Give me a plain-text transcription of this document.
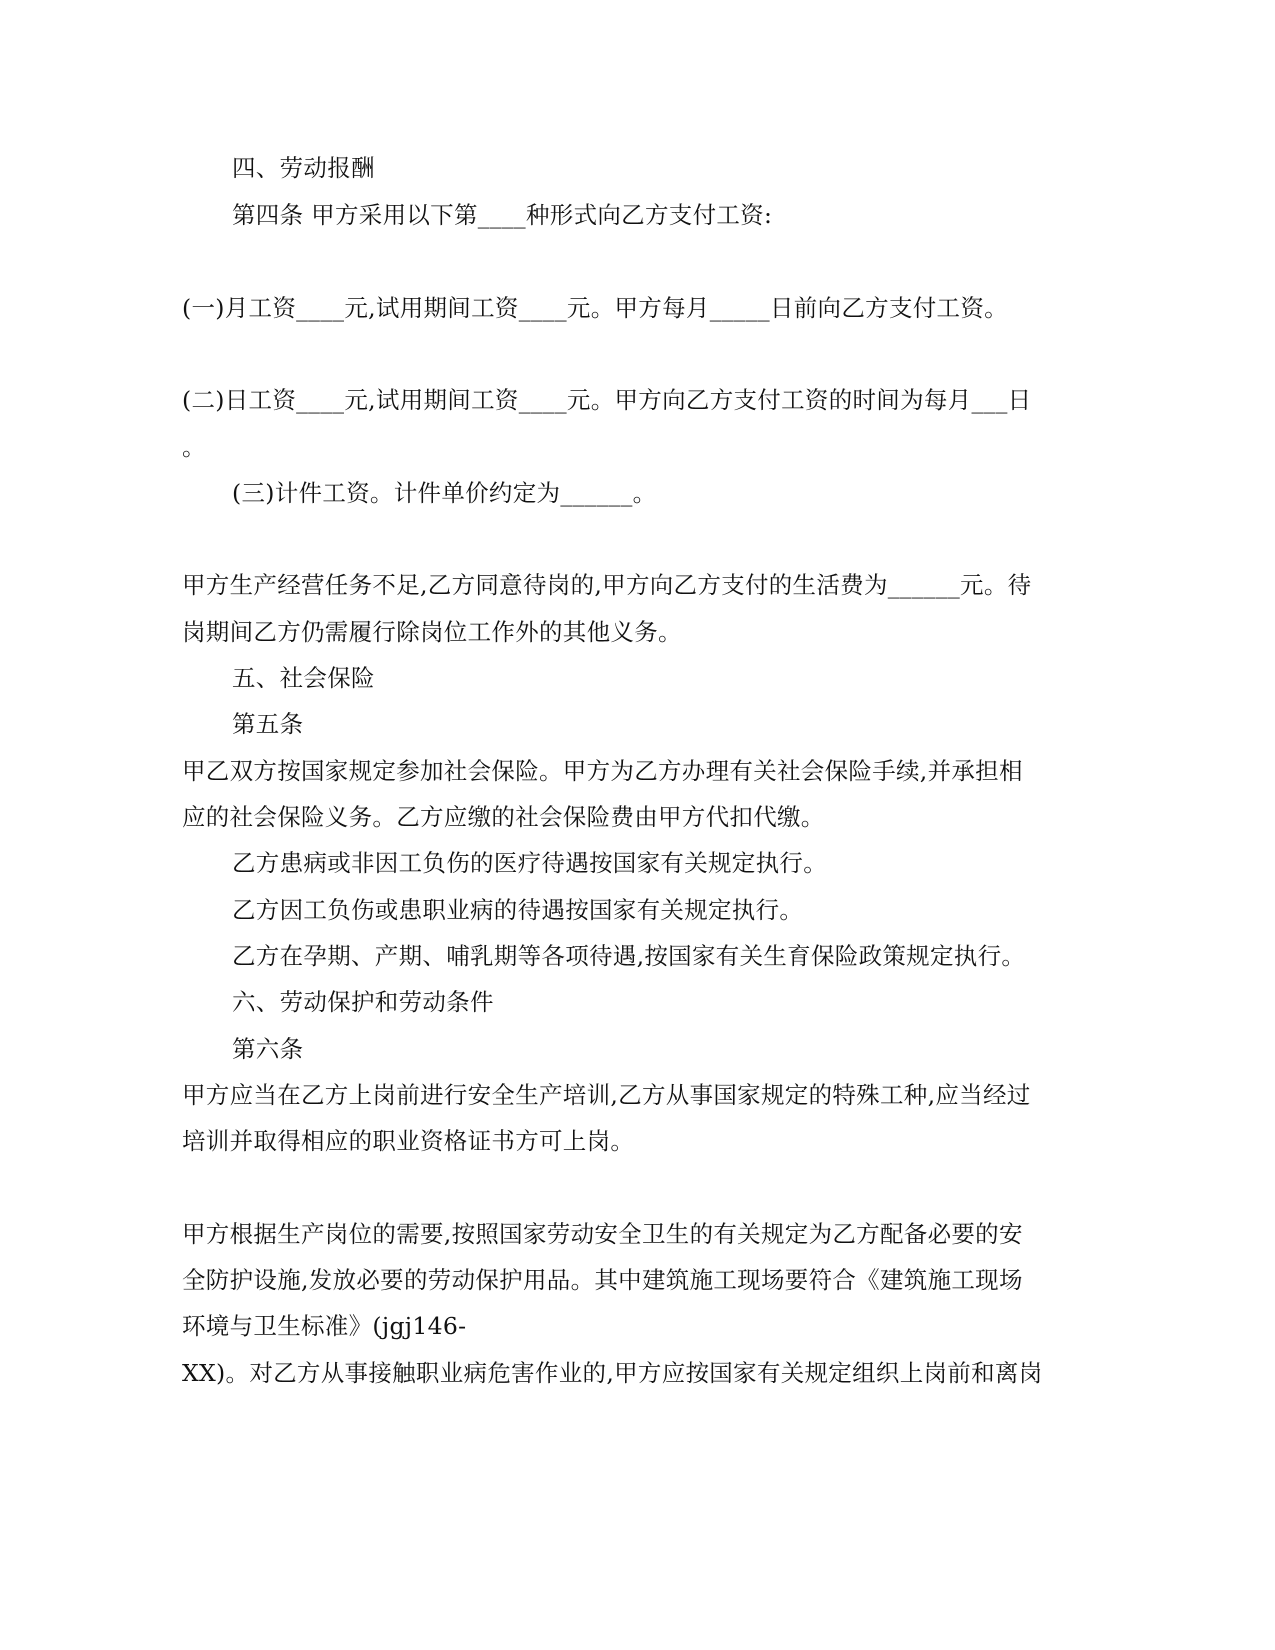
四、劳动报酬
第四条 甲方采用以下第____种形式向乙方支付工资:
(一)月工资____元,试用期间工资____元。甲方每月_____日前向乙方支付工资。
(二)日工资____元,试用期间工资____元。甲方向乙方支付工资的时间为每月___日
。
(三)计件工资。计件单价约定为______。
甲方生产经营任务不足,乙方同意待岗的,甲方向乙方支付的生活费为______元。待
岗期间乙方仍需履行除岗位工作外的其他义务。
五、社会保险
第五条
甲乙双方按国家规定参加社会保险。甲方为乙方办理有关社会保险手续,并承担相
应的社会保险义务。乙方应缴的社会保险费由甲方代扣代缴。
乙方患病或非因工负伤的医疗待遇按国家有关规定执行。
乙方因工负伤或患职业病的待遇按国家有关规定执行。
乙方在孕期、产期、哺乳期等各项待遇,按国家有关生育保险政策规定执行。
六、劳动保护和劳动条件
第六条
甲方应当在乙方上岗前进行安全生产培训,乙方从事国家规定的特殊工种,应当经过
培训并取得相应的职业资格证书方可上岗。
甲方根据生产岗位的需要,按照国家劳动安全卫生的有关规定为乙方配备必要的安
全防护设施,发放必要的劳动保护用品。其中建筑施工现场要符合《建筑施工现场
环境与卫生标准》(jgj146-
XX)。对乙方从事接触职业病危害作业的,甲方应按国家有关规定组织上岗前和离岗
